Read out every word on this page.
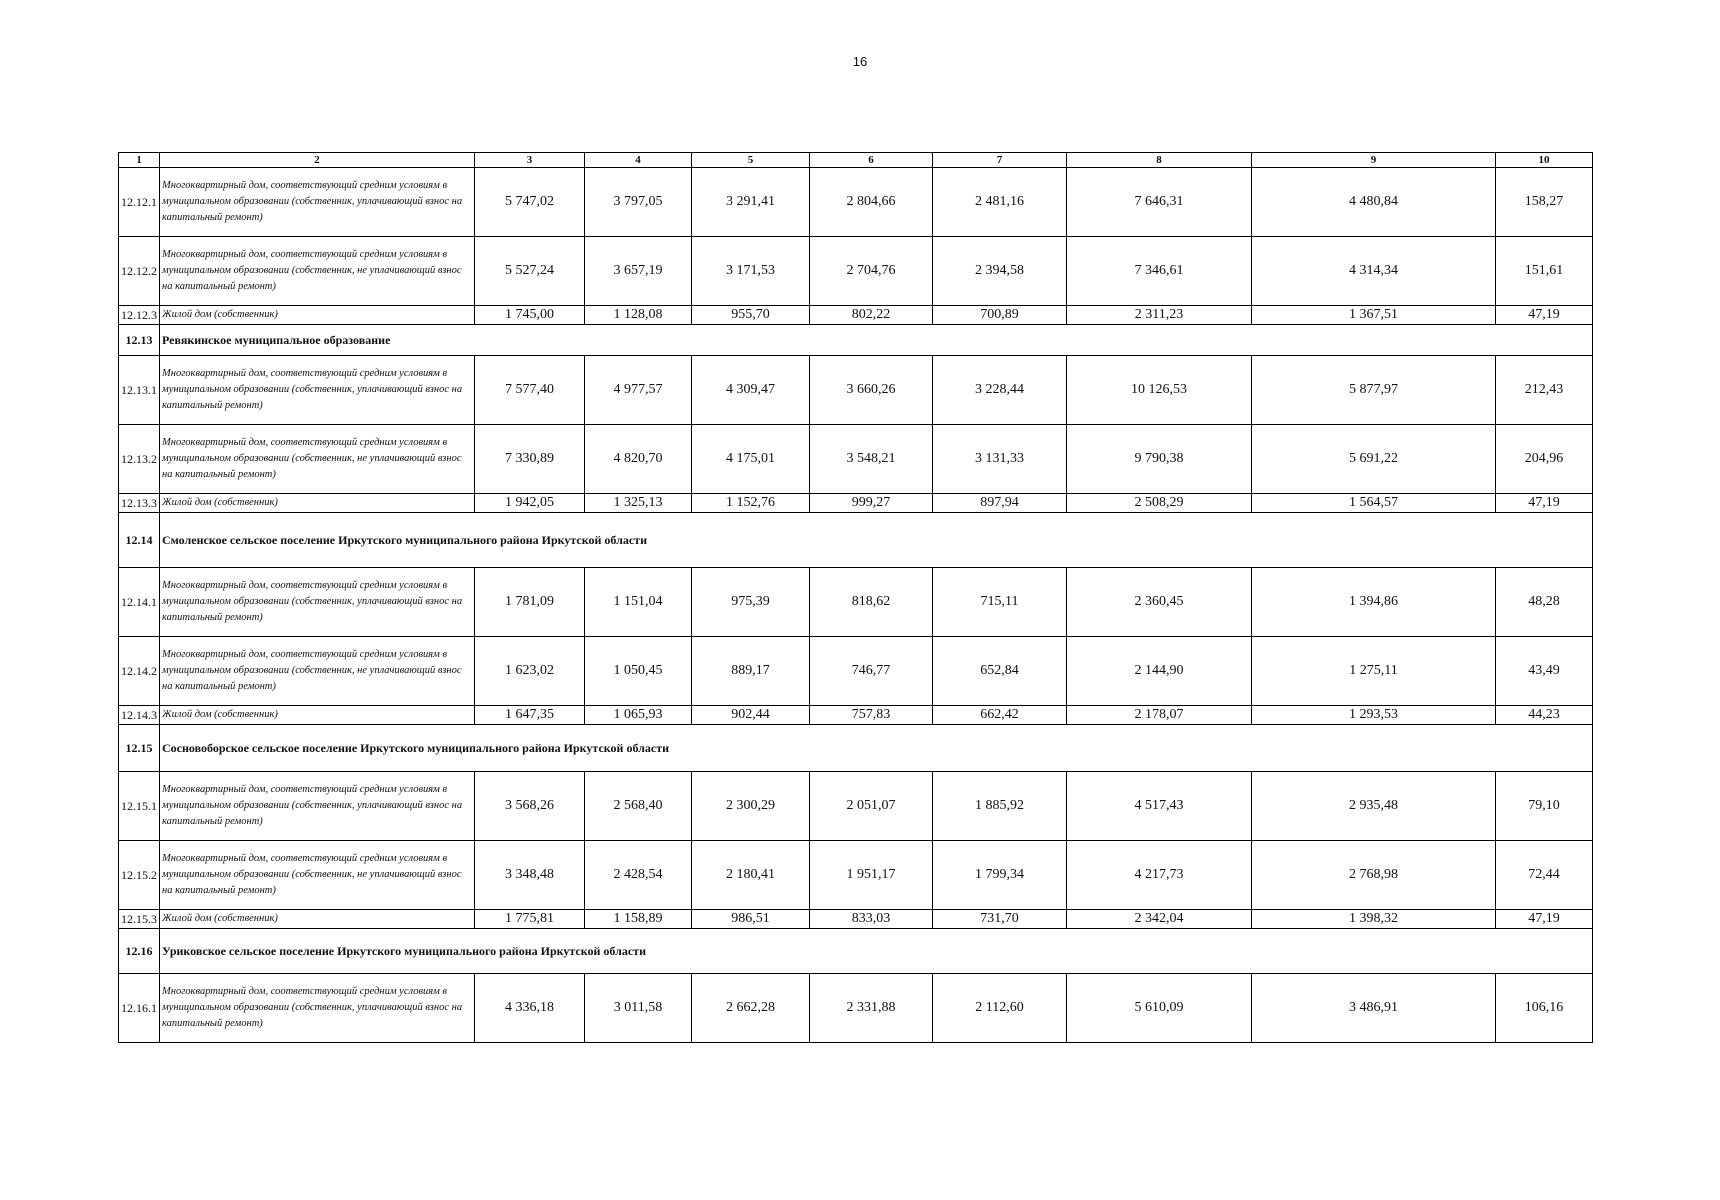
16
1	2	3	4	5	6	7	8	9	10
12.12.1	Многоквартирный дом, соответствующий средним условиям в муниципальном образовании (собственник, уплачивающий взнос на капитальный ремонт)	5 747,02	3 797,05	3 291,41	2 804,66	2 481,16	7 646,31	4 480,84	158,27
12.12.2	Многоквартирный дом, соответствующий средним условиям в муниципальном образовании (собственник, не уплачивающий взнос на капитальный ремонт)	5 527,24	3 657,19	3 171,53	2 704,76	2 394,58	7 346,61	4 314,34	151,61
12.12.3	Жилой дом (собственник)	1 745,00	1 128,08	955,70	802,22	700,89	2 311,23	1 367,51	47,19
12.13	Ревякинское муниципальное образование								
12.13.1	Многоквартирный дом, соответствующий средним условиям в муниципальном образовании (собственник, уплачивающий взнос на капитальный ремонт)	7 577,40	4 977,57	4 309,47	3 660,26	3 228,44	10 126,53	5 877,97	212,43
12.13.2	Многоквартирный дом, соответствующий средним условиям в муниципальном образовании (собственник, не уплачивающий взнос на капитальный ремонт)	7 330,89	4 820,70	4 175,01	3 548,21	3 131,33	9 790,38	5 691,22	204,96
12.13.3	Жилой дом (собственник)	1 942,05	1 325,13	1 152,76	999,27	897,94	2 508,29	1 564,57	47,19
12.14	Смоленское сельское поселение Иркутского муниципального района Иркутской области								
12.14.1	Многоквартирный дом, соответствующий средним условиям в муниципальном образовании (собственник, уплачивающий взнос на капитальный ремонт)	1 781,09	1 151,04	975,39	818,62	715,11	2 360,45	1 394,86	48,28
12.14.2	Многоквартирный дом, соответствующий средним условиям в муниципальном образовании (собственник, не уплачивающий взнос на капитальный ремонт)	1 623,02	1 050,45	889,17	746,77	652,84	2 144,90	1 275,11	43,49
12.14.3	Жилой дом (собственник)	1 647,35	1 065,93	902,44	757,83	662,42	2 178,07	1 293,53	44,23
12.15	Сосновоборское сельское поселение Иркутского муниципального района Иркутской области								
12.15.1	Многоквартирный дом, соответствующий средним условиям в муниципальном образовании (собственник, уплачивающий взнос на капитальный ремонт)	3 568,26	2 568,40	2 300,29	2 051,07	1 885,92	4 517,43	2 935,48	79,10
12.15.2	Многоквартирный дом, соответствующий средним условиям в муниципальном образовании (собственник, не уплачивающий взнос на капитальный ремонт)	3 348,48	2 428,54	2 180,41	1 951,17	1 799,34	4 217,73	2 768,98	72,44
12.15.3	Жилой дом (собственник)	1 775,81	1 158,89	986,51	833,03	731,70	2 342,04	1 398,32	47,19
12.16	Уриковское сельское поселение Иркутского муниципального района Иркутской области								
12.16.1	Многоквартирный дом, соответствующий средним условиям в муниципальном образовании (собственник, уплачивающий взнос на капитальный ремонт)	4 336,18	3 011,58	2 662,28	2 331,88	2 112,60	5 610,09	3 486,91	106,16
